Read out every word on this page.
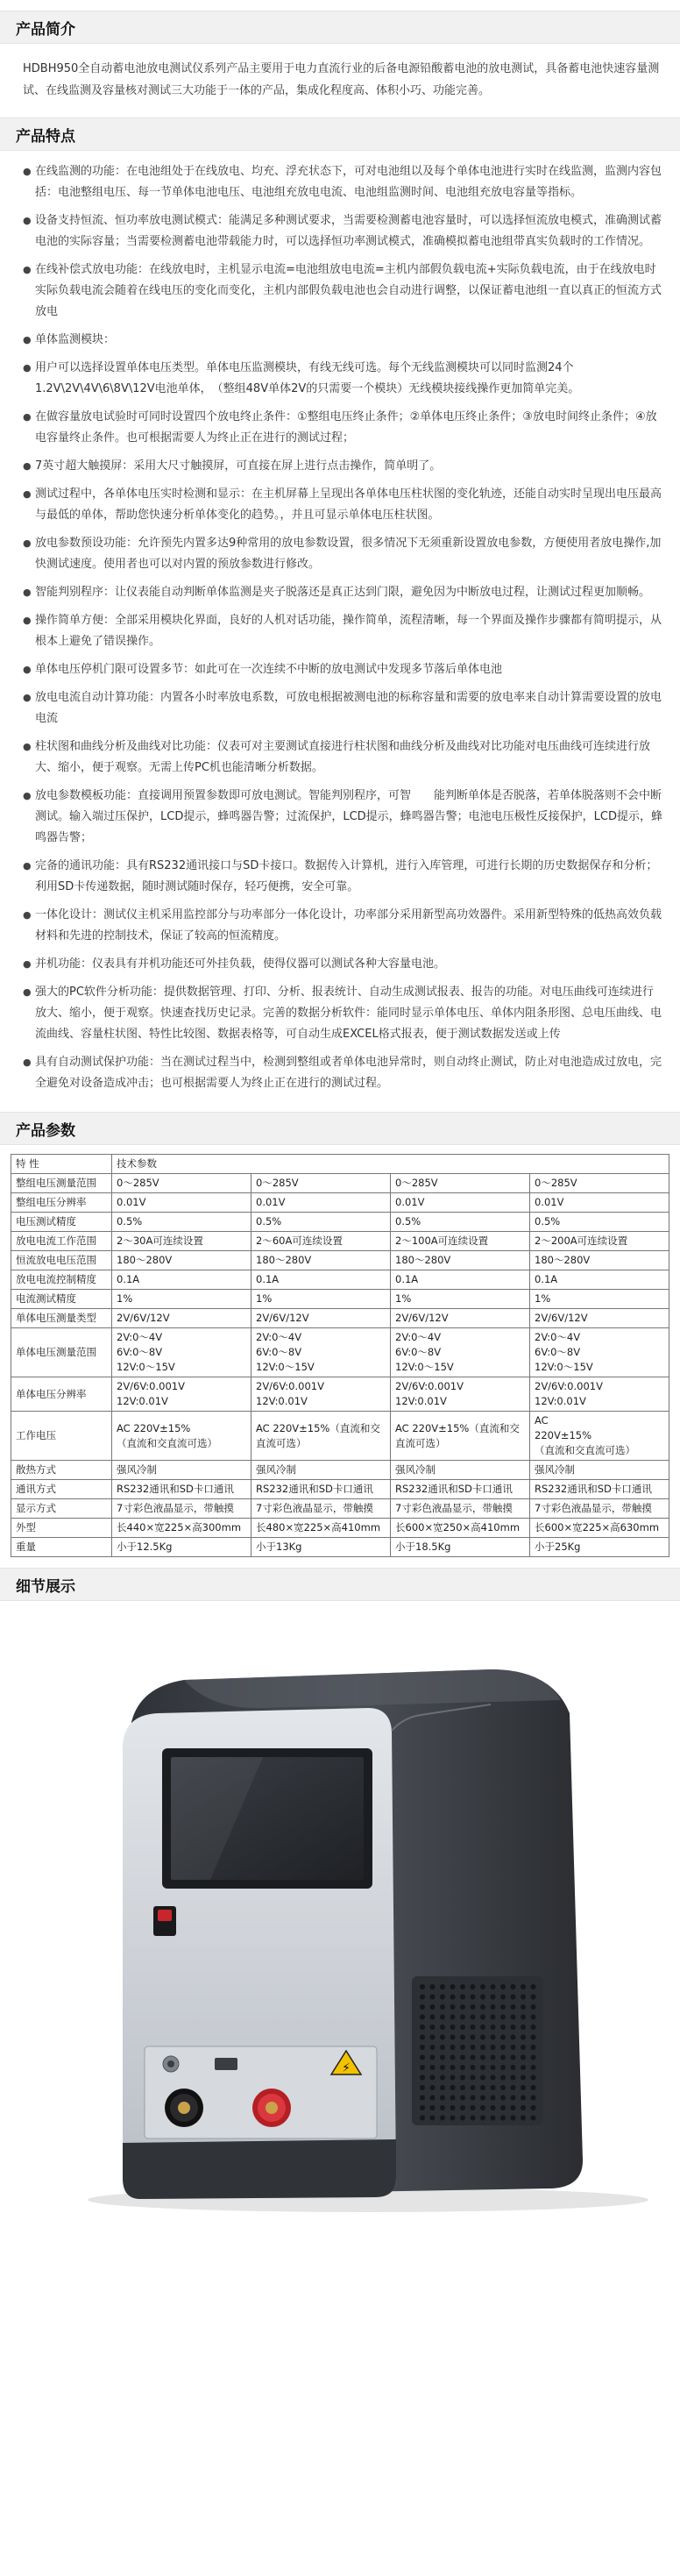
产品简介
HDBH950全自动蓄电池放电测试仪系列产品主要用于电力直流行业的后备电源铅酸蓄电池的放电测试，具备蓄电池快速容量测试、在线监测及容量核对测试三大功能于一体的产品，集成化程度高、体积小巧、功能完善。
产品特点
● 在线监测的功能：在电池组处于在线放电、均充、浮充状态下，可对电池组以及每个单体电池进行实时在线监测，监测内容包括：电池整组电压、每一节单体电池电压、电池组充放电电流、电池组监测时间、电池组充放电容量等指标。
● 设备支持恒流、恒功率放电测试模式：能满足多种测试要求，当需要检测蓄电池容量时，可以选择恒流放电模式，准确测试蓄电池的实际容量；当需要检测蓄电池带载能力时，可以选择恒功率测试模式，准确模拟蓄电池组带真实负载时的工作情况。
● 在线补偿式放电功能：在线放电时，主机显示电流=电池组放电电流=主机内部假负载电流+实际负载电流，由于在线放电时实际负载电流会随着在线电压的变化而变化，主机内部假负载电池也会自动进行调整，以保证蓄电池组一直以真正的恒流方式放电
● 单体监测模块：
● 用户可以选择设置单体电压类型。单体电压监测模块，有线无线可选。每个无线监测模块可以同时监测24个1.2V\2V\4V\6\8V\12V电池单体，　（整组48V单体2V的只需要一个模块）无线模块接线操作更加简单完美。
● 在做容量放电试验时可同时设置四个放电终止条件：①整组电压终止条件；②单体电压终止条件；③放电时间终止条件；④放电容量终止条件。也可根据需要人为终止正在进行的测试过程；
● 7英寸超大触摸屏：采用大尺寸触摸屏，可直接在屏上进行点击操作，简单明了。
● 测试过程中，各单体电压实时检测和显示：在主机屏幕上呈现出各单体电压柱状图的变化轨迹，还能自动实时呈现出电压最高与最低的单体，帮助您快速分析单体变化的趋势。，并且可显示单体电压柱状图。
● 放电参数预设功能：允许预先内置多达9种常用的放电参数设置，很多情况下无须重新设置放电参数，方便使用者放电操作,加快测试速度。使用者也可以对内置的预放参数进行修改。
● 智能判别程序：让仪表能自动判断单体监测是夹子脱落还是真正达到门限，避免因为中断放电过程，让测试过程更加顺畅。
● 操作简单方便：全部采用模块化界面，良好的人机对话功能，操作简单，流程清晰，每一个界面及操作步骤都有简明提示，从根本上避免了错误操作。
● 单体电压停机门限可设置多节：如此可在一次连续不中断的放电测试中发现多节落后单体电池
● 放电电流自动计算功能：内置各小时率放电系数，可放电根据被测电池的标称容量和需要的放电率来自动计算需要设置的放电电流
● 柱状图和曲线分析及曲线对比功能：仪表可对主要测试直接进行柱状图和曲线分析及曲线对比功能对电压曲线可连续进行放大、缩小，便于观察。无需上传PC机也能清晰分析数据。
● 放电参数模板功能：直接调用预置参数即可放电测试。智能判别程序，可智　　能判断单体是否脱落，若单体脱落则不会中断测试。输入端过压保护，LCD提示，蜂鸣器告警；过流保护，LCD提示，蜂鸣器告警；电池电压极性反接保护，LCD提示，蜂鸣器告警；
● 完备的通讯功能：具有RS232通讯接口与SD卡接口。数据传入计算机，进行入库管理，可进行长期的历史数据保存和分析；利用SD卡传递数据，随时测试随时保存，轻巧便携，安全可靠。
● 一体化设计：测试仪主机采用监控部分与功率部分一体化设计，功率部分采用新型高功效器件。采用新型特殊的低热高效负载材料和先进的控制技术，保证了较高的恒流精度。
● 并机功能：仪表具有并机功能还可外挂负载，使得仪器可以测试各种大容量电池。
● 强大的PC软件分析功能：提供数据管理、打印、分析、报表统计、自动生成测试报表、报告的功能。对电压曲线可连续进行放大、缩小，便于观察。快速查找历史记录。完善的数据分析软件：能同时显示单体电压、单体内阻条形图、总电压曲线、电流曲线、容量柱状图、特性比较图、数据表格等，可自动生成EXCEL格式报表，便于测试数据发送或上传
● 具有自动测试保护功能：当在测试过程当中，检测到整组或者单体电池异常时，则自动终止测试，防止对电池造成过放电，完全避免对设备造成冲击；也可根据需要人为终止正在进行的测试过程。
产品参数
特 性	技术参数			
整组电压测量范围	0～285V	0～285V	0～285V	0～285V
整组电压分辨率	0.01V	0.01V	0.01V	0.01V
电压测试精度	0.5%	0.5%	0.5%	0.5%
放电电流工作范围	2～30A可连续设置	2～60A可连续设置	2～100A可连续设置	2～200A可连续设置
恒流放电电压范围	180～280V	180～280V	180～280V	180～280V
放电电流控制精度	0.1A	0.1A	0.1A	0.1A
电流测试精度	1%	1%	1%	1%
单体电压测量类型	2V/6V/12V	2V/6V/12V	2V/6V/12V	2V/6V/12V
单体电压测量范围	2V:0～4V
6V:0～8V
12V:0～15V	2V:0～4V
6V:0～8V
12V:0～15V	2V:0～4V
6V:0～8V
12V:0～15V	2V:0～4V
6V:0～8V
12V:0～15V
单体电压分辨率	2V/6V:0.001V
12V:0.01V	2V/6V:0.001V
12V:0.01V	2V/6V:0.001V
12V:0.01V	2V/6V:0.001V
12V:0.01V
工作电压	AC 220V±15%
（直流和交直流可选）	AC 220V±15%（直流和交直流可选）	AC 220V±15%（直流和交直流可选）	AC
220V±15%
（直流和交直流可选）
散热方式	强风冷制	强风冷制	强风冷制	强风冷制
通讯方式	RS232通讯和SD卡口通讯	RS232通讯和SD卡口通讯	RS232通讯和SD卡口通讯	RS232通讯和SD卡口通讯
显示方式	7寸彩色液晶显示，带触摸	7寸彩色液晶显示，带触摸	7寸彩色液晶显示，带触摸	7寸彩色液晶显示，带触摸
外型	长440×宽225×高300mm	长480×宽225×高410mm	长600×宽250×高410mm	长600×宽225×高630mm
重量	小于12.5Kg	小于13Kg	小于18.5Kg	小于25Kg
细节展示
⚡
